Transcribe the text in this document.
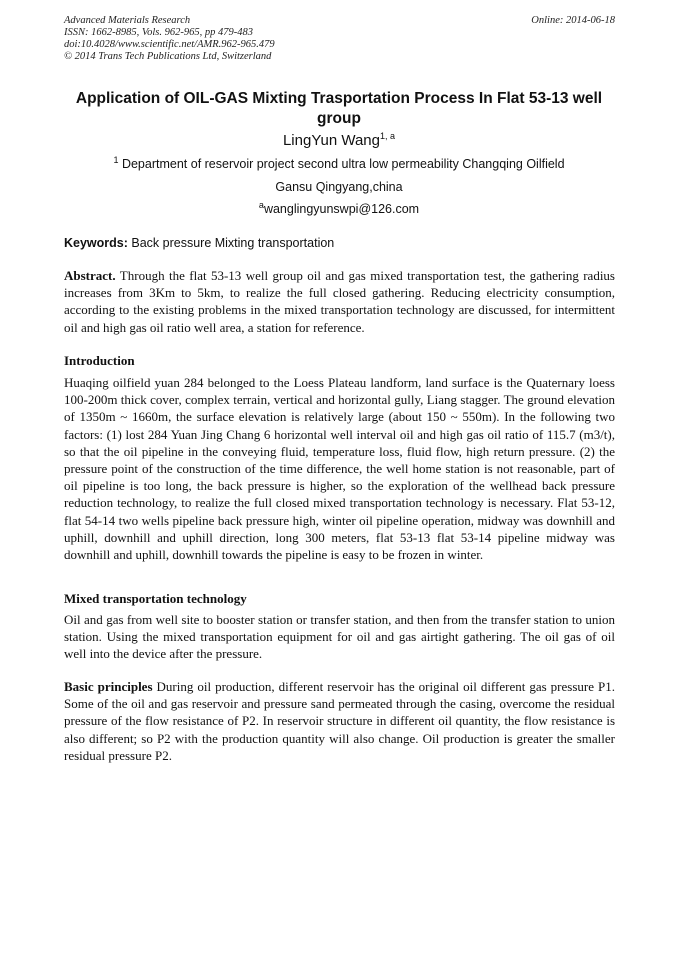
Advanced Materials Research
ISSN: 1662-8985, Vols. 962-965, pp 479-483
doi:10.4028/www.scientific.net/AMR.962-965.479
© 2014 Trans Tech Publications Ltd, Switzerland
Online: 2014-06-18
Application of OIL-GAS Mixting Trasportation Process In Flat 53-13 well group
LingYun Wang$^{1, a}$
$^1$ Department of reservoir project second ultra low permeability Changqing Oilfield
Gansu Qingyang,china
$^a$wanglingyunswpi@126.com
Keywords: Back pressure Mixting transportation
Abstract. Through the flat 53-13 well group oil and gas mixed transportation test, the gathering radius increases from 3Km to 5km, to realize the full closed gathering. Reducing electricity consumption, according to the existing problems in the mixed transportation technology are discussed, for intermittent oil and high gas oil ratio well area, a station for reference.
Introduction
Huaqing oilfield yuan 284 belonged to the Loess Plateau landform, land surface is the Quaternary loess 100-200m thick cover, complex terrain, vertical and horizontal gully, Liang stagger. The ground elevation of 1350m ~ 1660m, the surface elevation is relatively large (about 150 ~ 550m). In the following two factors: (1) lost 284 Yuan Jing Chang 6 horizontal well interval oil and high gas oil ratio of 115.7 (m3/t), so that the oil pipeline in the conveying fluid, temperature loss, fluid flow, high return pressure. (2) the pressure point of the construction of the time difference, the well home station is not reasonable, part of oil pipeline is too long, the back pressure is higher, so the exploration of the wellhead back pressure reduction technology, to realize the full closed mixed transportation technology is necessary. Flat 53-12, flat 54-14 two wells pipeline back pressure high, winter oil pipeline operation, midway was downhill and uphill, downhill and uphill direction, long 300 meters, flat 53-13 flat 53-14 pipeline midway was downhill and uphill, downhill towards the pipeline is easy to be frozen in winter.
Mixed transportation technology
Oil and gas from well site to booster station or transfer station, and then from the transfer station to union station. Using the mixed transportation equipment for oil and gas airtight gathering. The oil gas of oil well into the device after the pressure.
Basic principles During oil production, different reservoir has the original oil different gas pressure P1. Some of the oil and gas reservoir and pressure sand permeated through the casing, overcome the residual pressure of the flow resistance of P2. In reservoir structure in different oil quantity, the flow resistance is also different; so P2 with the production quantity will also change. Oil production is greater the smaller residual pressure P2.
